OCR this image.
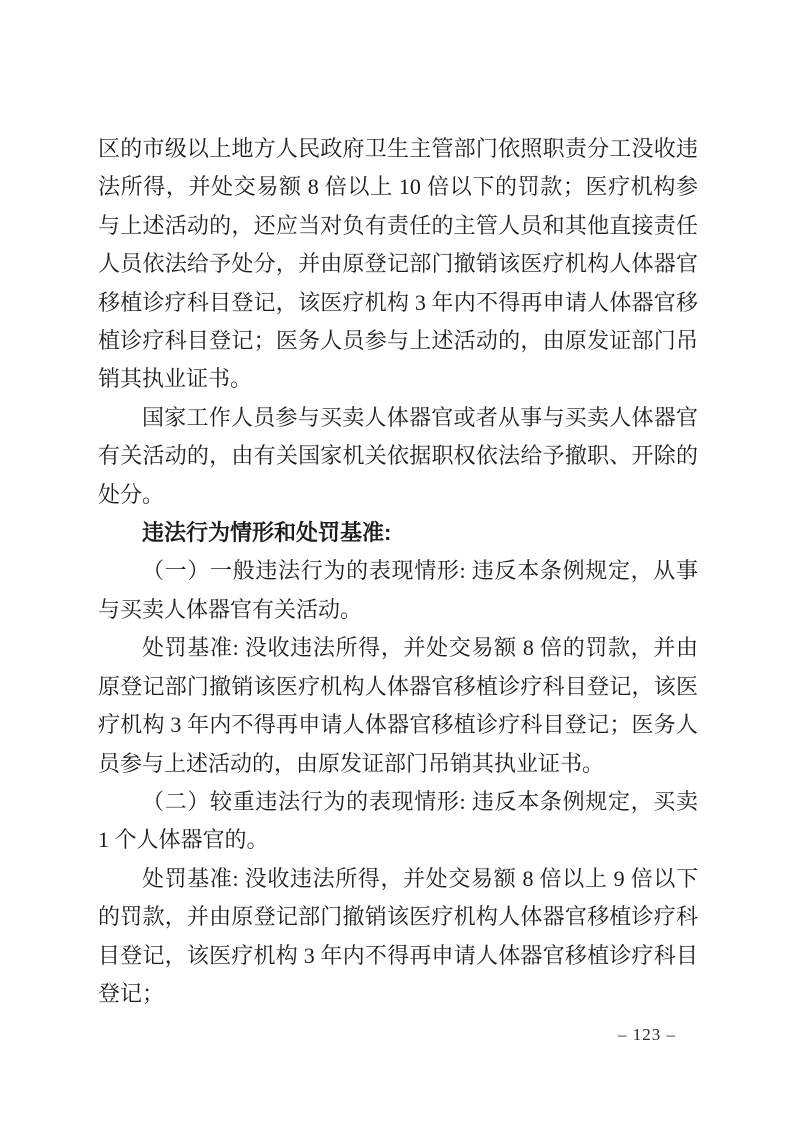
区的市级以上地方人民政府卫生主管部门依照职责分工没收违法所得，并处交易额 8 倍以上 10 倍以下的罚款；医疗机构参与上述活动的，还应当对负有责任的主管人员和其他直接责任人员依法给予处分，并由原登记部门撤销该医疗机构人体器官移植诊疗科目登记，该医疗机构 3 年内不得再申请人体器官移植诊疗科目登记；医务人员参与上述活动的，由原发证部门吊销其执业证书。

国家工作人员参与买卖人体器官或者从事与买卖人体器官有关活动的，由有关国家机关依据职权依法给予撤职、开除的处分。

违法行为情形和处罚基准:

（一）一般违法行为的表现情形: 违反本条例规定，从事与买卖人体器官有关活动。

处罚基准: 没收违法所得，并处交易额 8 倍的罚款，并由原登记部门撤销该医疗机构人体器官移植诊疗科目登记，该医疗机构 3 年内不得再申请人体器官移植诊疗科目登记；医务人员参与上述活动的，由原发证部门吊销其执业证书。

（二）较重违法行为的表现情形: 违反本条例规定，买卖 1 个人体器官的。

处罚基准: 没收违法所得，并处交易额 8 倍以上 9 倍以下的罚款，并由原登记部门撤销该医疗机构人体器官移植诊疗科目登记，该医疗机构 3 年内不得再申请人体器官移植诊疗科目登记；

– 123 –
